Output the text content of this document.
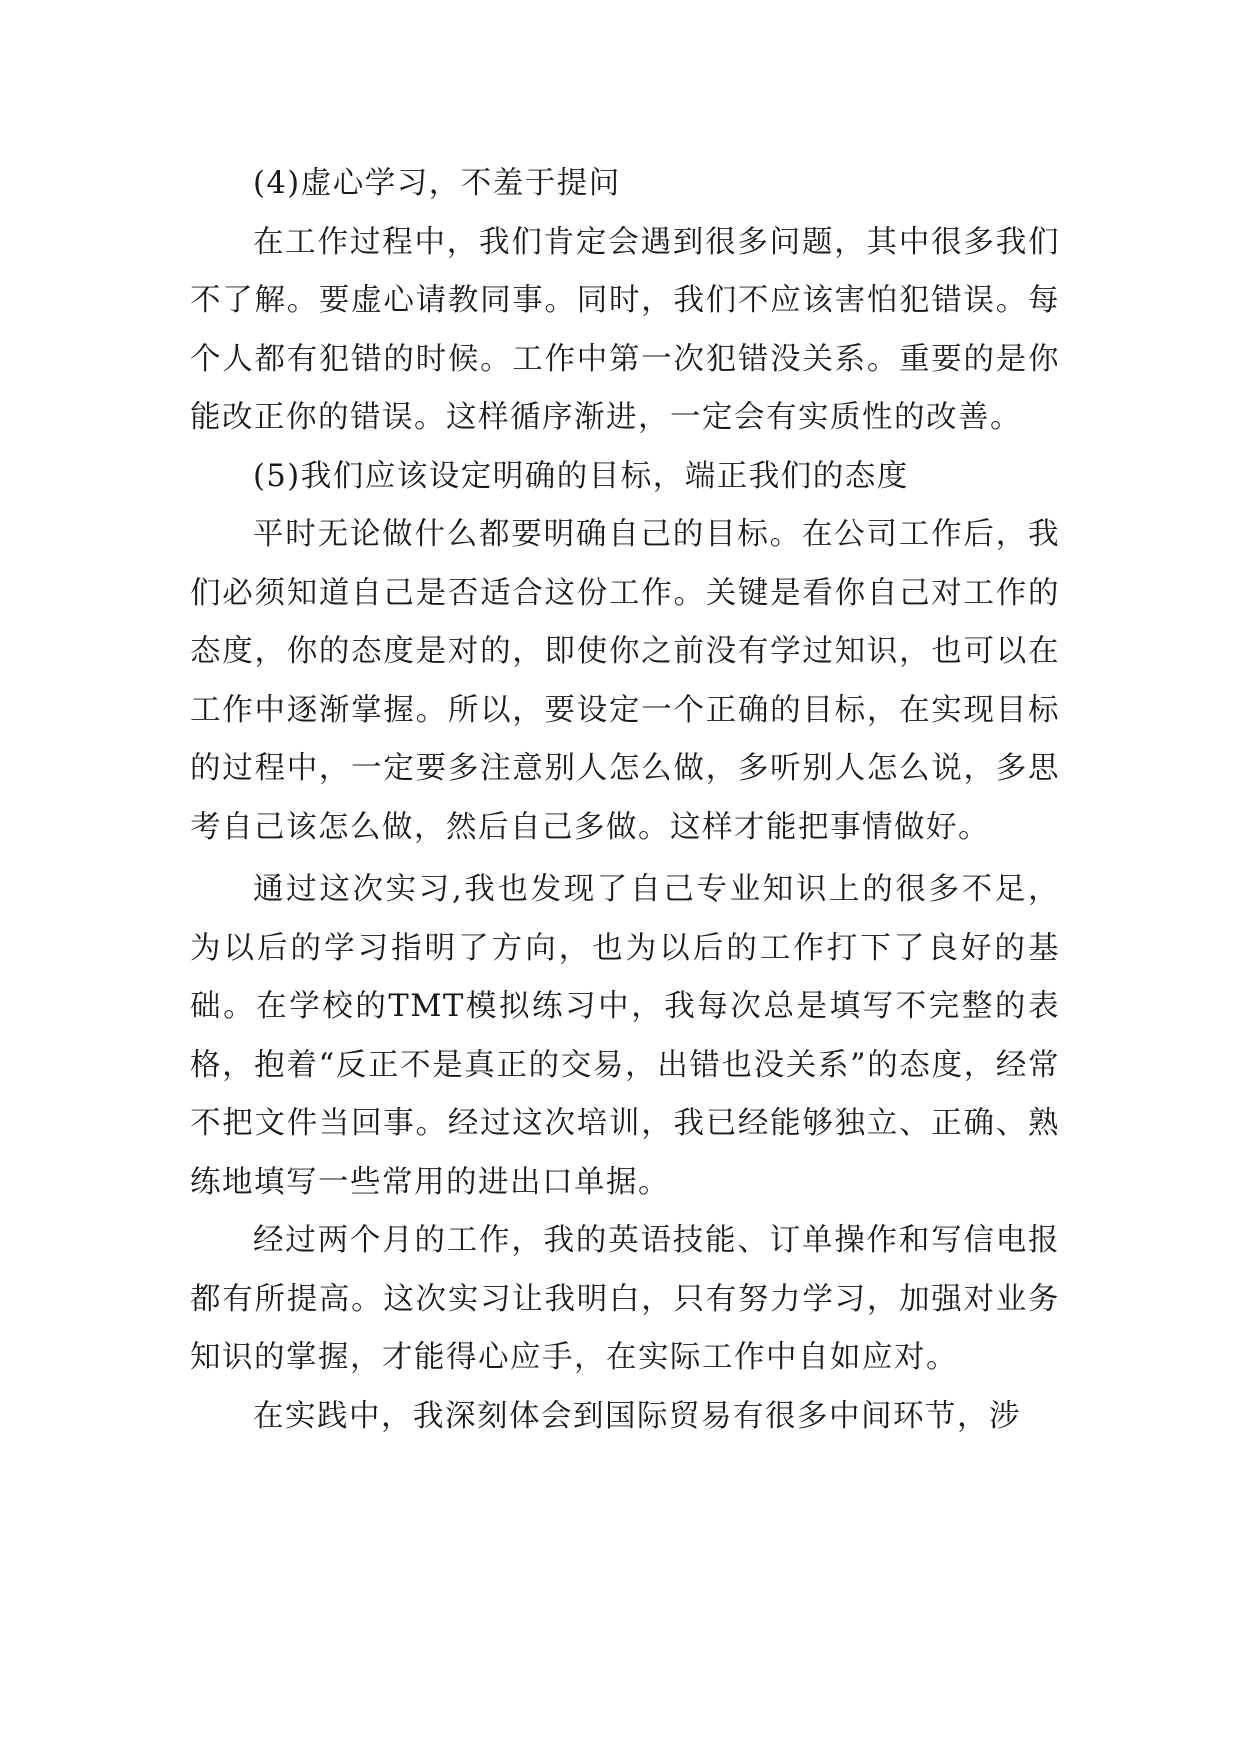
(4)虚心学习，不羞于提问

在工作过程中，我们肯定会遇到很多问题，其中很多我们不了解。要虚心请教同事。同时，我们不应该害怕犯错误。每个人都有犯错的时候。工作中第一次犯错没关系。重要的是你能改正你的错误。这样循序渐进，一定会有实质性的改善。

(5)我们应该设定明确的目标，端正我们的态度

平时无论做什么都要明确自己的目标。在公司工作后，我们必须知道自己是否适合这份工作。关键是看你自己对工作的态度，你的态度是对的，即使你之前没有学过知识，也可以在工作中逐渐掌握。所以，要设定一个正确的目标，在实现目标的过程中，一定要多注意别人怎么做，多听别人怎么说，多思考自己该怎么做，然后自己多做。这样才能把事情做好。

通过这次实习,我也发现了自己专业知识上的很多不足，为以后的学习指明了方向，也为以后的工作打下了良好的基础。在学校的TMT模拟练习中，我每次总是填写不完整的表格，抱着“反正不是真正的交易，出错也没关系”的态度，经常不把文件当回事。经过这次培训，我已经能够独立、正确、熟练地填写一些常用的进出口单据。

经过两个月的工作，我的英语技能、订单操作和写信电报都有所提高。这次实习让我明白，只有努力学习，加强对业务知识的掌握，才能得心应手，在实际工作中自如应对。

在实践中，我深刻体会到国际贸易有很多中间环节，涉
